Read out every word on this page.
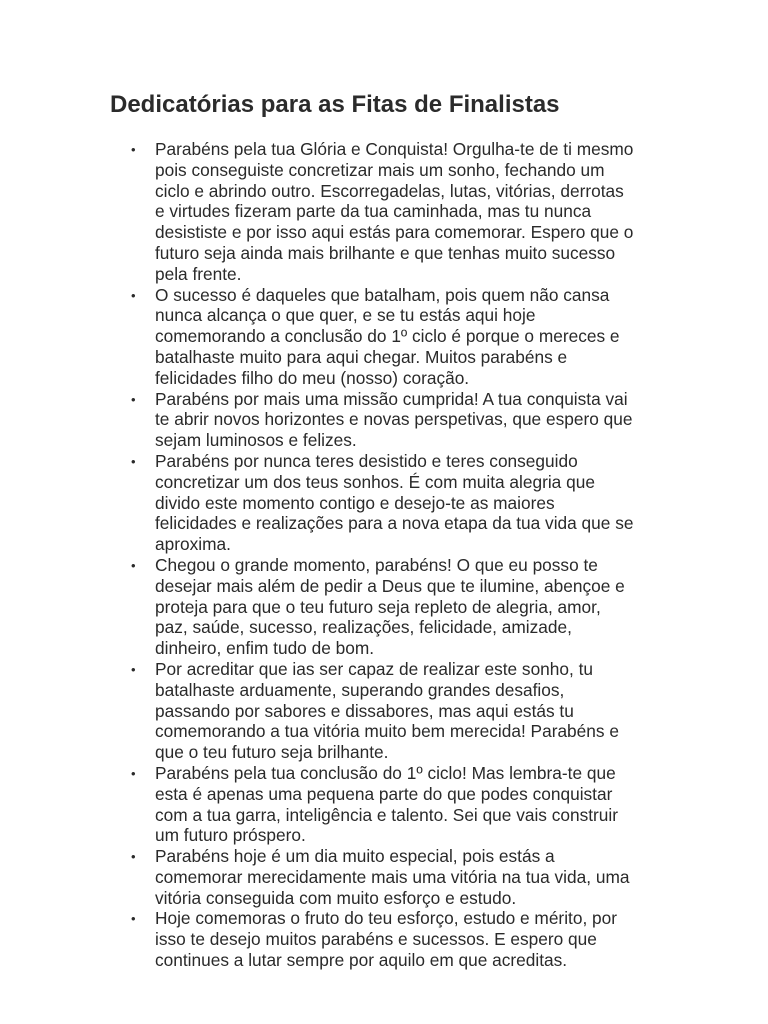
Dedicatórias para as Fitas de Finalistas
• Parabéns pela tua Glória e Conquista! Orgulha-te de ti mesmo
pois conseguiste concretizar mais um sonho, fechando um
ciclo e abrindo outro. Escorregadelas, lutas, vitórias, derrotas
e virtudes fizeram parte da tua caminhada, mas tu nunca
desististe e por isso aqui estás para comemorar. Espero que o
futuro seja ainda mais brilhante e que tenhas muito sucesso
pela frente.
• O sucesso é daqueles que batalham, pois quem não cansa
nunca alcança o que quer, e se tu estás aqui hoje
comemorando a conclusão do 1º ciclo é porque o mereces e
batalhaste muito para aqui chegar. Muitos parabéns e
felicidades filho do meu (nosso) coração.
• Parabéns por mais uma missão cumprida! A tua conquista vai
te abrir novos horizontes e novas perspetivas, que espero que
sejam luminosos e felizes.
• Parabéns por nunca teres desistido e teres conseguido
concretizar um dos teus sonhos. É com muita alegria que
divido este momento contigo e desejo-te as maiores
felicidades e realizações para a nova etapa da tua vida que se
aproxima.
• Chegou o grande momento, parabéns! O que eu posso te
desejar mais além de pedir a Deus que te ilumine, abençoe e
proteja para que o teu futuro seja repleto de alegria, amor,
paz, saúde, sucesso, realizações, felicidade, amizade,
dinheiro, enfim tudo de bom.
• Por acreditar que ias ser capaz de realizar este sonho, tu
batalhaste arduamente, superando grandes desafios,
passando por sabores e dissabores, mas aqui estás tu
comemorando a tua vitória muito bem merecida! Parabéns e
que o teu futuro seja brilhante.
• Parabéns pela tua conclusão do 1º ciclo! Mas lembra-te que
esta é apenas uma pequena parte do que podes conquistar
com a tua garra, inteligência e talento. Sei que vais construir
um futuro próspero.
• Parabéns hoje é um dia muito especial, pois estás a
comemorar merecidamente mais uma vitória na tua vida, uma
vitória conseguida com muito esforço e estudo.
• Hoje comemoras o fruto do teu esforço, estudo e mérito, por
isso te desejo muitos parabéns e sucessos. E espero que
continues a lutar sempre por aquilo em que acreditas.
